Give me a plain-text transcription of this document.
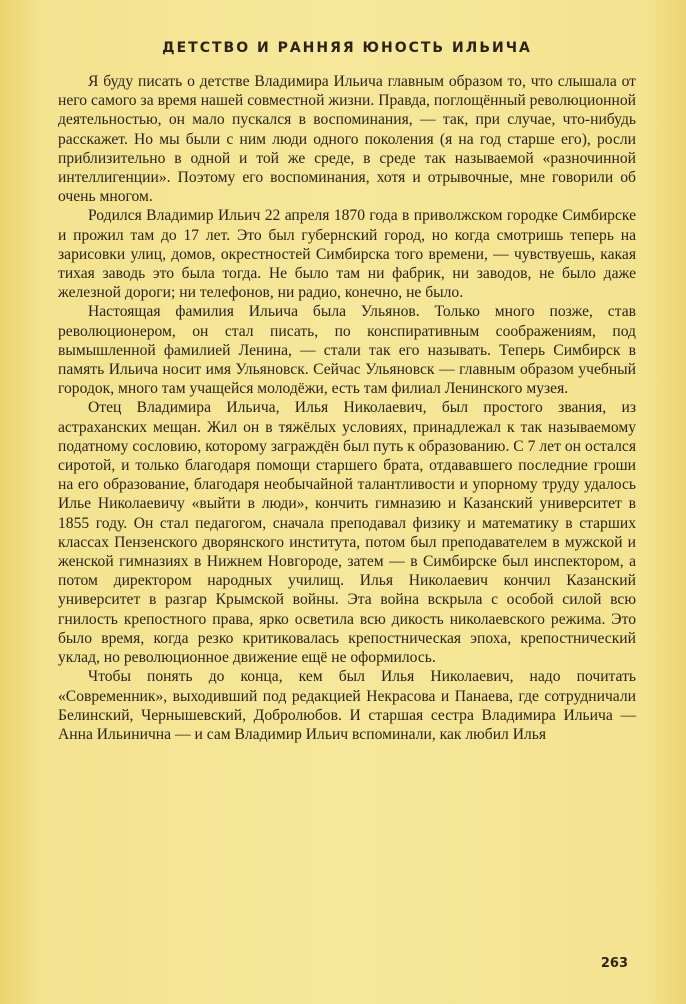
ДЕТСТВО И РАННЯЯ ЮНОСТЬ ИЛЬИЧА

Я буду писать о детстве Владимира Ильича главным образом то, что слышала от него самого за время нашей совместной жизни. Правда, поглощённый революционной деятельностью, он мало пускался в воспоминания, — так, при случае, что-нибудь расскажет. Но мы были с ним люди одного поколения (я на год старше его), росли приблизительно в одной и той же среде, в среде так называемой «разночинной интеллигенции». Поэтому его воспоминания, хотя и отрывочные, мне говорили об очень многом.

Родился Владимир Ильич 22 апреля 1870 года в приволжском городке Симбирске и прожил там до 17 лет. Это был губернский город, но когда смотришь теперь на зарисовки улиц, домов, окрестностей Симбирска того времени, — чувствуешь, какая тихая заводь это была тогда. Не было там ни фабрик, ни заводов, не было даже железной дороги; ни телефонов, ни радио, конечно, не было.

Настоящая фамилия Ильича была Ульянов. Только много позже, став революционером, он стал писать, по конспиративным соображениям, под вымышленной фамилией Ленина, — стали так его называть. Теперь Симбирск в память Ильича носит имя Ульяновск. Сейчас Ульяновск — главным образом учебный городок, много там учащейся молодёжи, есть там филиал Ленинского музея.

Отец Владимира Ильича, Илья Николаевич, был простого звания, из астраханских мещан. Жил он в тяжёлых условиях, принадлежал к так называемому податному сословию, которому заграждён был путь к образованию. С 7 лет он остался сиротой, и только благодаря помощи старшего брата, отдававшего последние гроши на его образование, благодаря необычайной талантливости и упорному труду удалось Илье Николаевичу «выйти в люди», кончить гимназию и Казанский университет в 1855 году. Он стал педагогом, сначала преподавал физику и математику в старших классах Пензенского дворянского института, потом был преподавателем в мужской и женской гимназиях в Нижнем Новгороде, затем — в Симбирске был инспектором, а потом директором народных училищ. Илья Николаевич кончил Казанский университет в разгар Крымской войны. Эта война вскрыла с особой силой всю гнилость крепостного права, ярко осветила всю дикость николаевского режима. Это было время, когда резко критиковалась крепостническая эпоха, крепостнический уклад, но революционное движение ещё не оформилось.

Чтобы понять до конца, кем был Илья Николаевич, надо почитать «Современник», выходивший под редакцией Некрасова и Панаева, где сотрудничали Белинский, Чернышевский, Добролюбов. И старшая сестра Владимира Ильича — Анна Ильинична — и сам Владимир Ильич вспоминали, как любил Илья

263
